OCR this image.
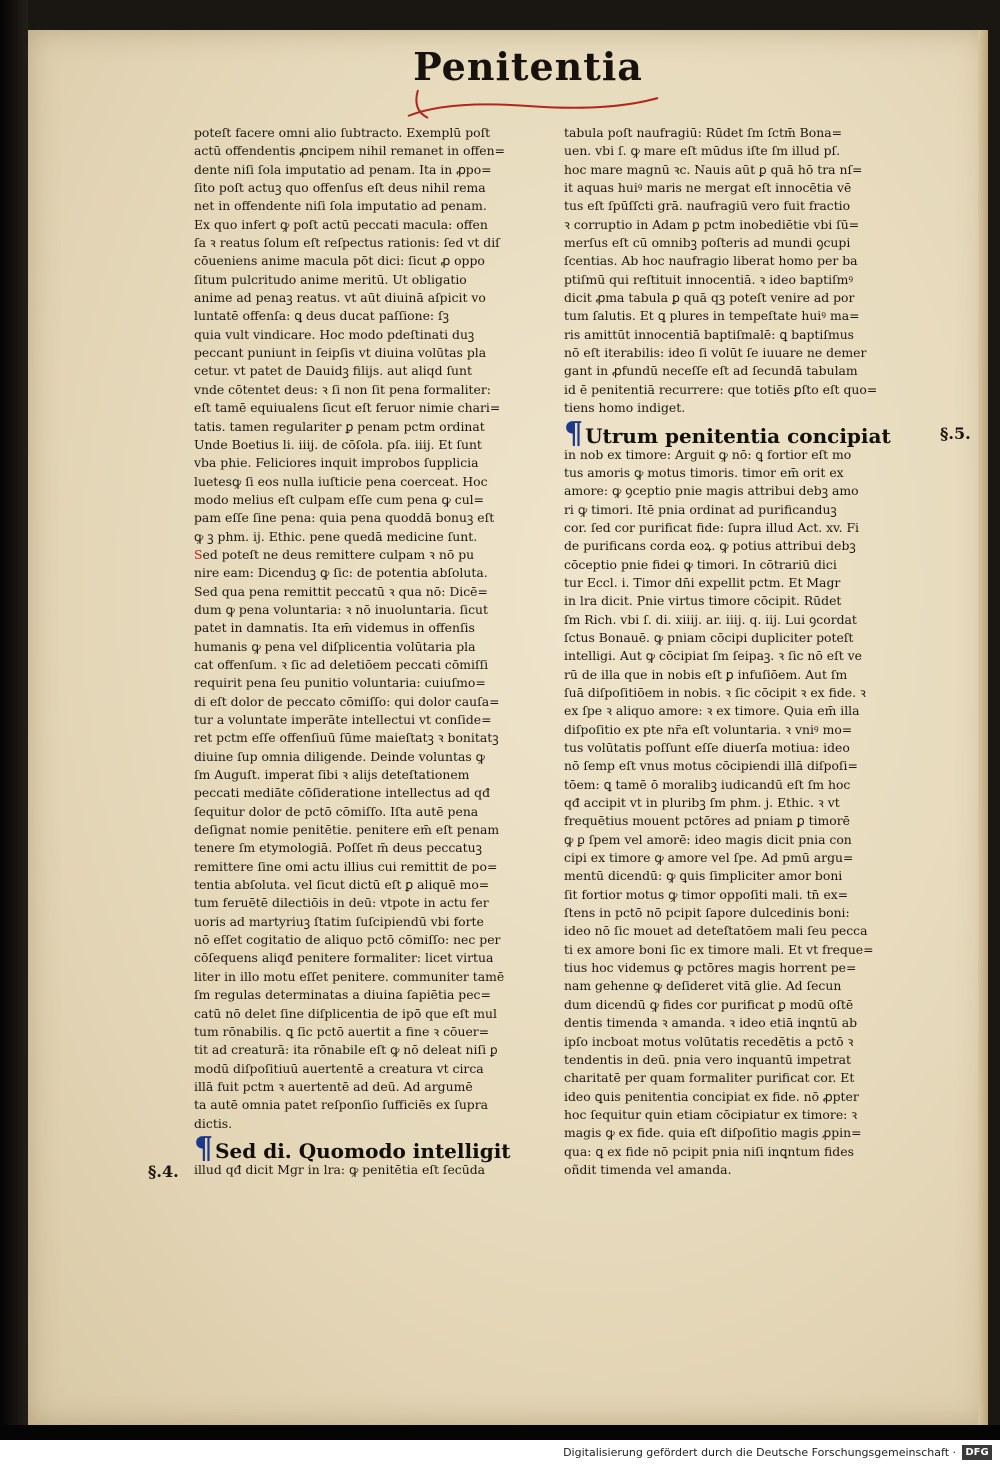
Penitentia
poteſt facere omni alio ſubtracto. Exemplū poſt
actū offendentis ꝓncipem nihil remanet in offen=
dente niſi ſola imputatio ad penam. Ita in ꝓpo=
ſito poſt actuꝫ quo offenſus eſt deus nihil rema
net in offendente niſi ſola imputatio ad penam.
Ex quo infert ꝙ poſt actū peccati macula: offen
ſa ꝛ reatus ſolum eſt reſpectus rationis: ſed vt diſ
cōueniens anime macula pōt dici: ſicut ꝓ oppo
ſitum pulcritudo anime meritū. Ut obligatio
anime ad penaꝫ reatus. vt aūt diuinā aſpicit vo
luntatē offenſa: ꝗ deus ducat paſſione: ſꝫ
quia vult vindicare. Hoc modo pdeſtinati duꝫ
peccant puniunt in ſeipſis vt diuina volūtas pla
cetur. vt patet de Dauidꝫ filijs. aut aliqd ſunt
vnde cōtentet deus: ꝛ ſi non ſit pena formaliter:
eſt tamē equiualens ſicut eſt feruor nimie chari=
tatis. tamen regulariter ꝑ penam pctm ordinat
Unde Boetius li. iiij. de cōſola. pſa. iiij. Et ſunt
vba phie. Feliciores inquit improbos ſupplicia
luetesꝙ ſi eos nulla iuſticie pena coerceat. Hoc
modo melius eſt culpam eſſe cum pena ꝙ cul=
pam eſſe ſine pena: quia pena quoddā bonuꝫ eſt
ꝙ ꝫ phm. ij. Ethic. pene quedā medicine ſunt.
Sed poteſt ne deus remittere culpam ꝛ nō pu
nire eam: Dicenduꝫ ꝙ ſic: de potentia abſoluta.
Sed qua pena remittit peccatū ꝛ qua nō: Dicē=
dum ꝙ pena voluntaria: ꝛ nō inuoluntaria. ſicut
patet in damnatis. Ita em̄ videmus in offenſis
humanis ꝙ pena vel diſplicentia volūtaria pla
cat offenſum. ꝛ ſic ad deletiōem peccati cōmiſſi
requirit pena ſeu punitio voluntaria: cuiuſmo=
di eſt dolor de peccato cōmiſſo: qui dolor cauſa=
tur a voluntate imperāte intellectui vt conſide=
ret pctm eſſe offenſiuū ſūme maieſtatꝫ ꝛ bonitatꝫ
diuine ſup omnia diligende. Deinde voluntas ꝙ
ſm Auguſt. imperat ſibi ꝛ alijs deteſtationem
peccati mediāte cōſideratione intellectus ad qđ
ſequitur dolor de pctō cōmiſſo. Iſta autē pena
deſignat nomie penitētie. penitere em̄ eſt penam
tenere ſm etymologiā. Poſſet m̄ deus peccatuꝫ
remittere ſine omi actu illius cui remittit de po=
tentia abſoluta. vel ſicut dictū eſt ꝑ aliquē mo=
tum feruētē dilectiōis in deū: vtpote in actu fer
uoris ad martyriuꝫ ſtatim ſuſcipiendū vbi forte
nō eſſet cogitatio de aliquo pctō cōmiſſo: nec per
cōſequens aliqđ penitere formaliter: licet virtua
liter in illo motu eſſet penitere. communiter tamē
ſm regulas determinatas a diuina ſapiētia pec=
catū nō delet ſine diſplicentia de ipō que eſt mul
tum rōnabilis. ꝗ ſic pctō auertit a fine ꝛ cōuer=
tit ad creaturā: ita rōnabile eſt ꝙ nō deleat niſi ꝑ
modū diſpoſitiuū auertentē a creatura vt circa
illā fuit pctm ꝛ auertentē ad deū. Ad argumē
ta autē omnia patet reſponſio ſufficiēs ex ſupra
dictis.
¶ Sed di. Quomodo intelligit
illud qđ dicit Mgr in lra: ꝙ penitētia eſt ſecūda
§.4.
tabula poſt naufragiū: Rūdet ſm ſctm̄ Bona=
uen. vbi ſ. ꝙ mare eſt mūdus iſte ſm illud pſ.
hoc mare magnū ꝛc. Nauis aūt ꝑ quā hō tra nſ=
it aquas huiꝰ maris ne mergat eſt innocētia vē
tus eſt ſpūſſcti grā. naufragiū vero fuit fractio
ꝛ corruptio in Adam ꝑ pctm inobediētie vbi ſū=
merſus eſt cū omnibꝫ poſteris ad mundi ꝯcupi
ſcentias. Ab hoc naufragio liberat homo per ba
ptiſmū qui reſtituit innocentiā. ꝛ ideo baptiſmꝰ
dicit ꝓma tabula ꝑ quā qꝫ poteſt venire ad por
tum ſalutis. Et ꝗ plures in tempeſtate huiꝰ ma=
ris amittūt innocentiā baptiſmalē: ꝗ baptiſmus
nō eſt iterabilis: ideo ſi volūt ſe iuuare ne demer
gant in ꝓfundū neceſſe eſt ad ſecundā tabulam
id ē penitentiā recurrere: que totiēs ꝑſto eſt quo=
tiens homo indiget.
¶ Utrum penitentia concipiat
in nob ex timore: Arguit ꝙ nō: ꝗ fortior eſt mo
tus amoris ꝙ motus timoris. timor em̄ orit ex
amore: ꝙ ꝯceptio pnie magis attribui debꝫ amo
ri ꝙ timori. Itē pnia ordinat ad purificanduꝫ
cor. ſed cor purificat fide: ſupra illud Act. xv. Fi
de purificans corda eoꝝ. ꝙ potius attribui debꝫ
cōceptio pnie fidei ꝙ timori. In cōtrariū dici
tur Eccl. i. Timor dn̄i expellit pctm. Et Magr
in lra dicit. Pnie virtus timore cōcipit. Rūdet
ſm Rich. vbi ſ. di. xiiij. ar. iiij. q. iij. Lui ꝯcordat
ſctus Bonauē. ꝙ pniam cōcipi dupliciter poteſt
intelligi. Aut ꝙ cōcipiat ſm ſeipaꝫ. ꝛ ſic nō eſt ve
rū de illa que in nobis eſt ꝑ infuſiōem. Aut ſm
ſuā diſpoſitiōem in nobis. ꝛ ſic cōcipit ꝛ ex fide. ꝛ
ex ſpe ꝛ aliquo amore: ꝛ ex timore. Quia em̄ illa
diſpoſitio ex pte nr̄a eſt voluntaria. ꝛ vniꝰ mo=
tus volūtatis poſſunt eſſe diuerſa motiua: ideo
nō ſemp eſt vnus motus cōcipiendi illā diſpoſi=
tōem: ꝗ tamē ō moralibꝫ iudicandū eſt ſm hoc
qđ accipit vt in pluribꝫ ſm phm. j. Ethic. ꝛ vt
frequētius mouent pctōres ad pniam ꝑ timorē
ꝙ ꝑ ſpem vel amorē: ideo magis dicit pnia con
cipi ex timore ꝙ amore vel ſpe. Ad pmū argu=
mentū dicendū: ꝙ ꝗuis ſimpliciter amor boni
ſit fortior motus ꝙ timor oppoſiti mali. tn̄ ex=
ſtens in pctō nō pcipit ſapore dulcedinis boni:
ideo nō ſic mouet ad deteſtatōem mali ſeu pecca
ti ex amore boni ſic ex timore mali. Et vt freque=
tius hoc videmus ꝙ pctōres magis horrent pe=
nam gehenne ꝙ deſideret vitā glie. Ad ſecun
dum dicendū ꝙ fides cor purificat ꝑ modū oſtē
dentis timenda ꝛ amanda. ꝛ ideo etiā inꝗntū ab
ipſo incboat motus volūtatis recedētis a pctō ꝛ
tendentis in deū. pnia vero inquantū impetrat
charitatē per quam formaliter purificat cor. Et
ideo ꝗuis penitentia concipiat ex fide. nō ꝓpter
hoc ſequitur quin etiam cōcipiatur ex timore: ꝛ
magis ꝙ ex fide. quia eſt diſpoſitio magis ꝓpin=
qua: ꝗ ex fide nō pcipit pnia niſi inꝗntum fides
oñdit timenda vel amanda.
§.5.
Digitalisierung gefördert durch die Deutsche Forschungsgemeinschaft · DFG
